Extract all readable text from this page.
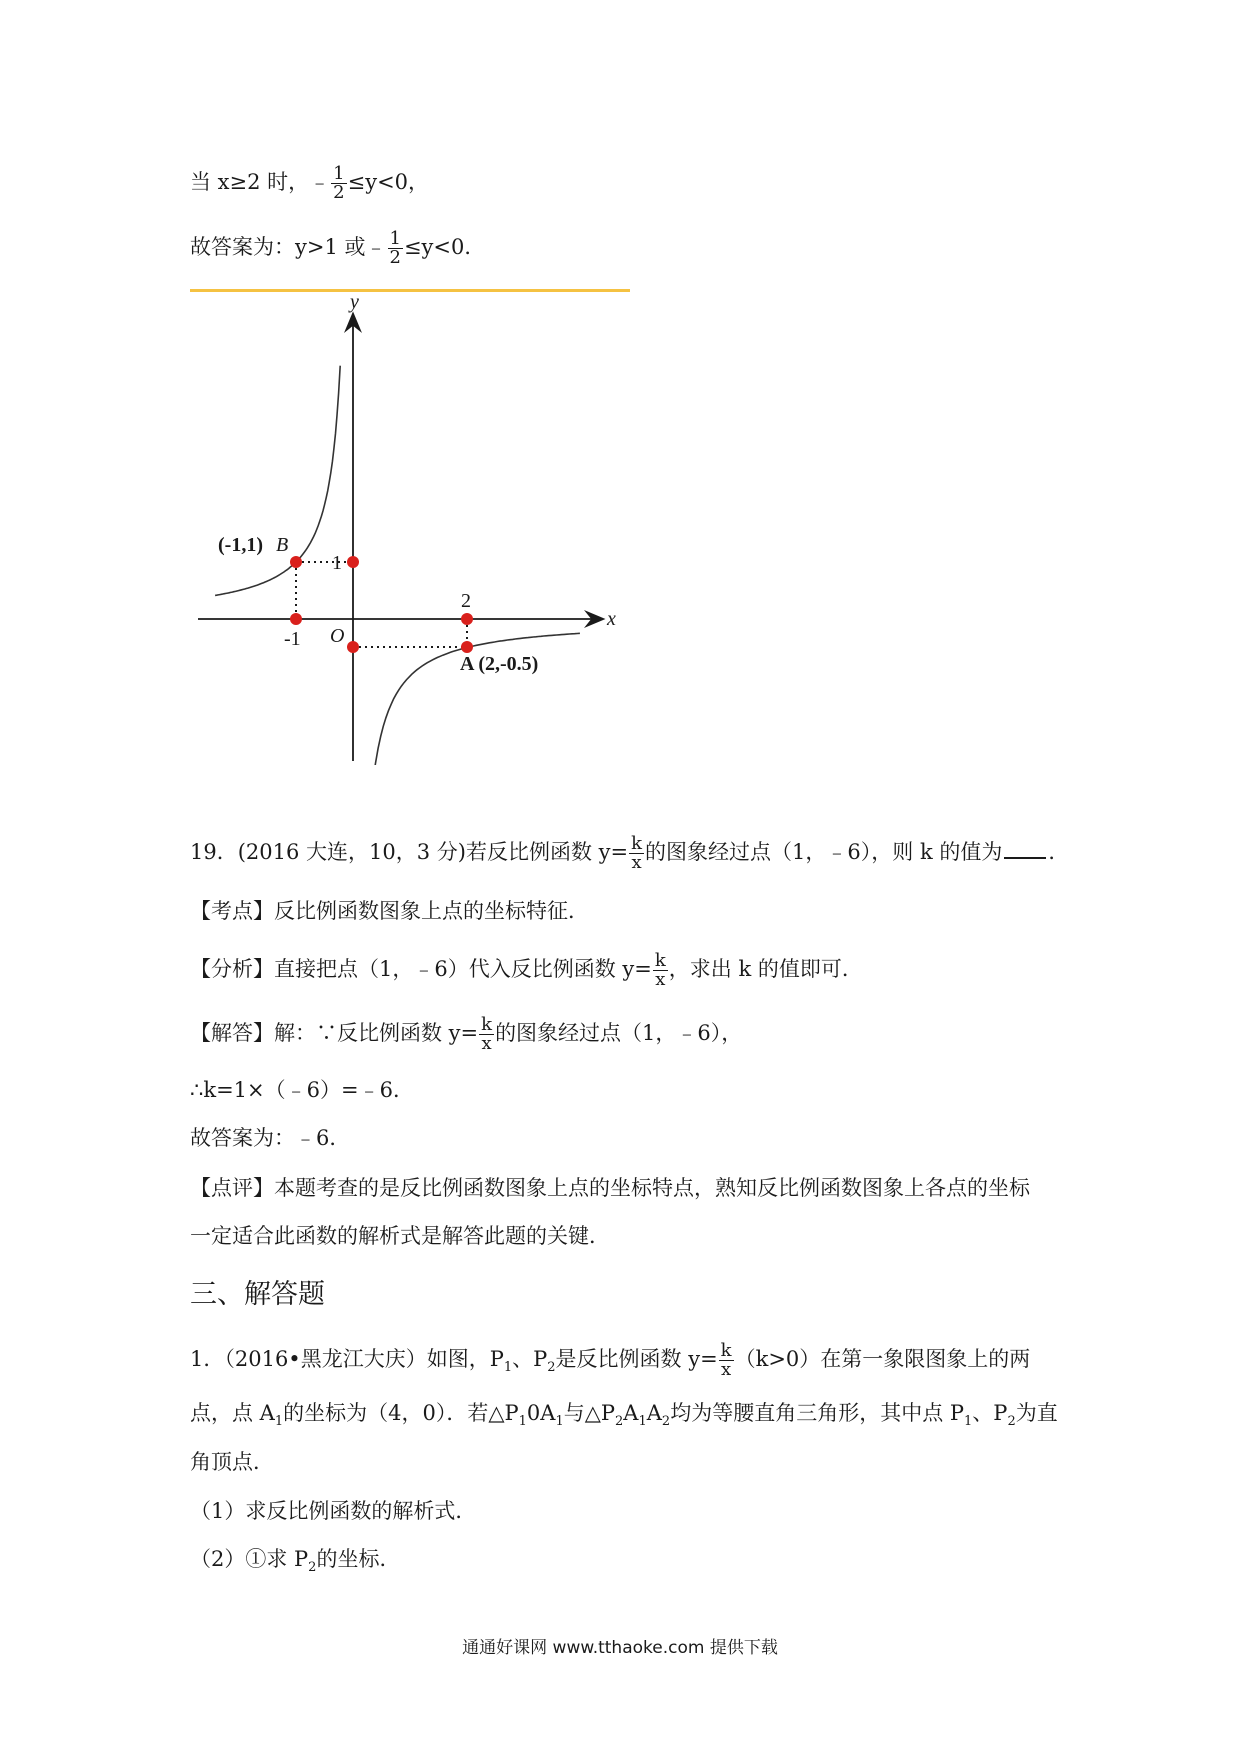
当 x≥2 时，﹣ $\frac{1}{2} \le y<0$，
故答案为：y>1 或﹣ $\frac{1}{2} \le y<0$．
y
x
(-1,1) B
1
-1 O
2
A (2,-0.5)
19．(2016 大连，10，3 分)若反比例函数 $y= \frac{k}{x}$ 的图象经过点（1，﹣6），则 k 的值为 ．
【考点】反比例函数图象上点的坐标特征．
【分析】直接把点（1，﹣6）代入反比例函数 $y= \frac{k}{x}$ ，求出 k 的值即可．
【解答】解：∵反比例函数 $y= \frac{k}{x}$ 的图象经过点（1，﹣6），
∴k=1×（﹣6）=﹣6．
故答案为：﹣6．
【点评】本题考查的是反比例函数图象上点的坐标特点，熟知反比例函数图象上各点的坐标
一定适合此函数的解析式是解答此题的关键．
三、解答题
1．（2016•黑龙江大庆）如图，$P_1$、$P_2$是反比例函数 $y= \frac{k}{x} (k>0)$在第一象限图象上的两
点，点 $A_1$的坐标为（4，0）．若$\triangle P_10A_1$与$\triangle P_2A_1A_2$均为等腰直角三角形，其中点 $P_1$、$P_2$为直
角顶点．
（1）求反比例函数的解析式．
（2）①求 $P_2$的坐标．
通通好课网 www.tthaoke.com 提供下载
